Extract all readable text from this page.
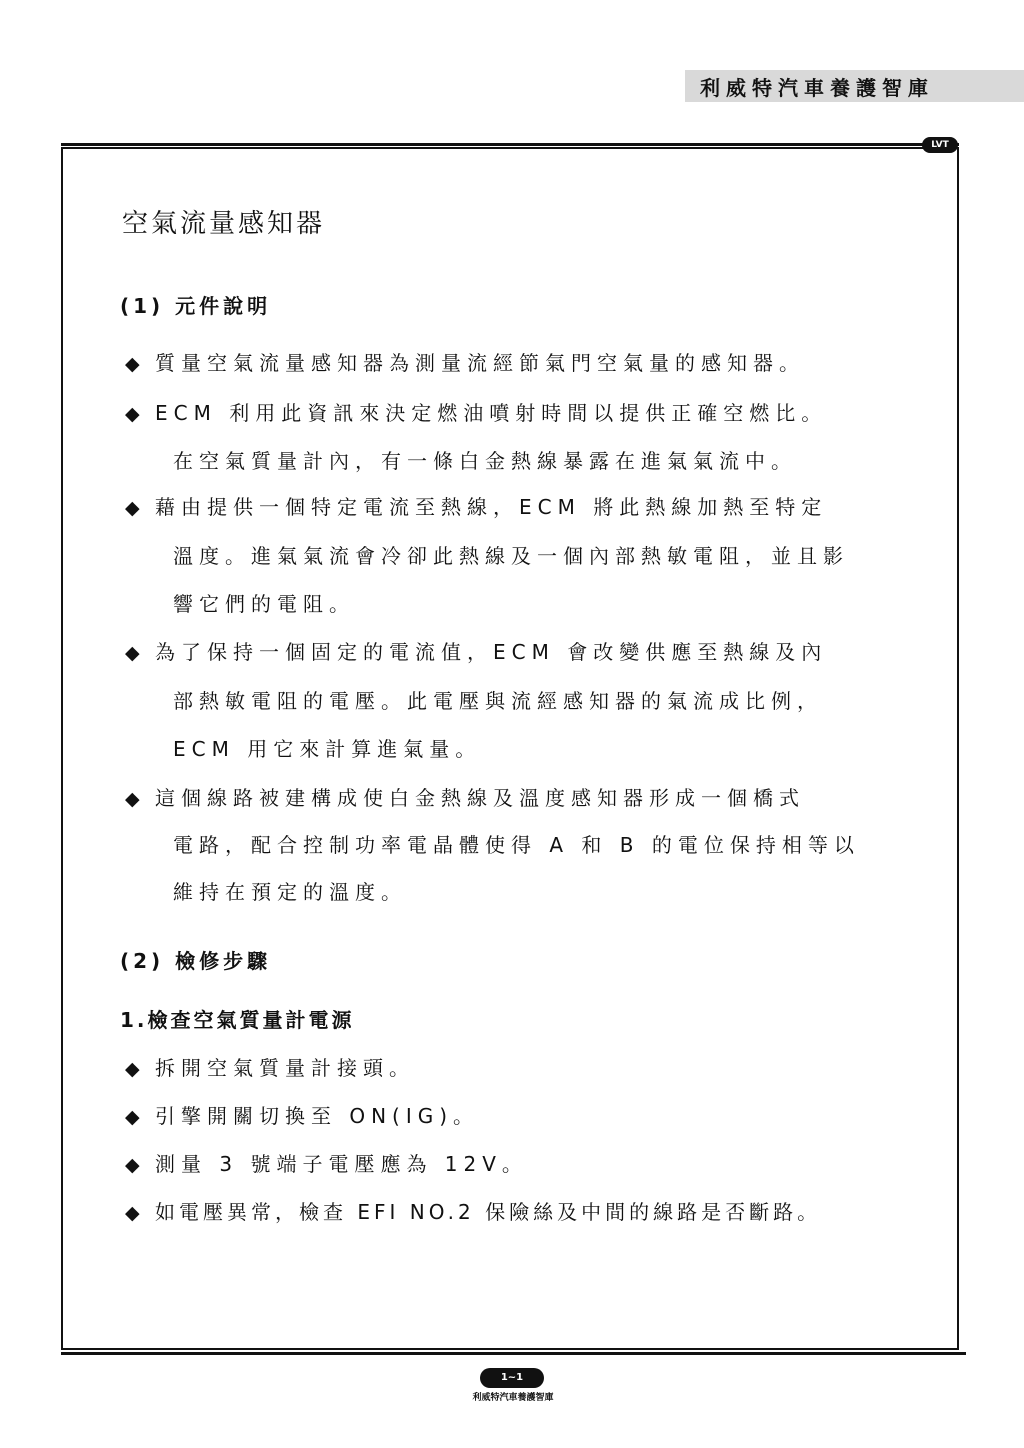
利威特汽車養護智庫
LVT
空氣流量感知器
(1) 元件說明
◆ 質量空氣流量感知器為測量流經節氣門空氣量的感知器。
◆ ECM 利用此資訊來決定燃油噴射時間以提供正確空燃比。
在空氣質量計內，有一條白金熱線暴露在進氣氣流中。
◆ 藉由提供一個特定電流至熱線，ECM 將此熱線加熱至特定
溫度。進氣氣流會冷卻此熱線及一個內部熱敏電阻，並且影
響它們的電阻。
◆ 為了保持一個固定的電流值，ECM 會改變供應至熱線及內
部熱敏電阻的電壓。此電壓與流經感知器的氣流成比例，
ECM 用它來計算進氣量。
◆ 這個線路被建構成使白金熱線及溫度感知器形成一個橋式
電路，配合控制功率電晶體使得 A 和 B 的電位保持相等以
維持在預定的溫度。
(2) 檢修步驟
1.檢查空氣質量計電源
◆ 拆開空氣質量計接頭。
◆ 引擎開關切換至 ON(IG)。
◆ 測量 3 號端子電壓應為 12V。
◆ 如電壓異常，檢查 EFI NO.2 保險絲及中間的線路是否斷路。
1~1
利威特汽車養護智庫
